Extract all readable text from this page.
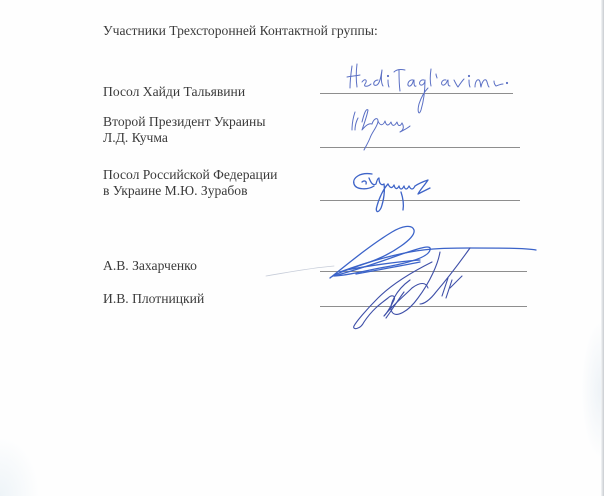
Участники Трехсторонней Контактной группы:
Посол Хайди Тальявини
Второй Президент Украины
Л.Д. Кучма
Посол Российской Федерации
в Украине М.Ю. Зурабов
А.В. Захарченко
И.В. Плотницкий
